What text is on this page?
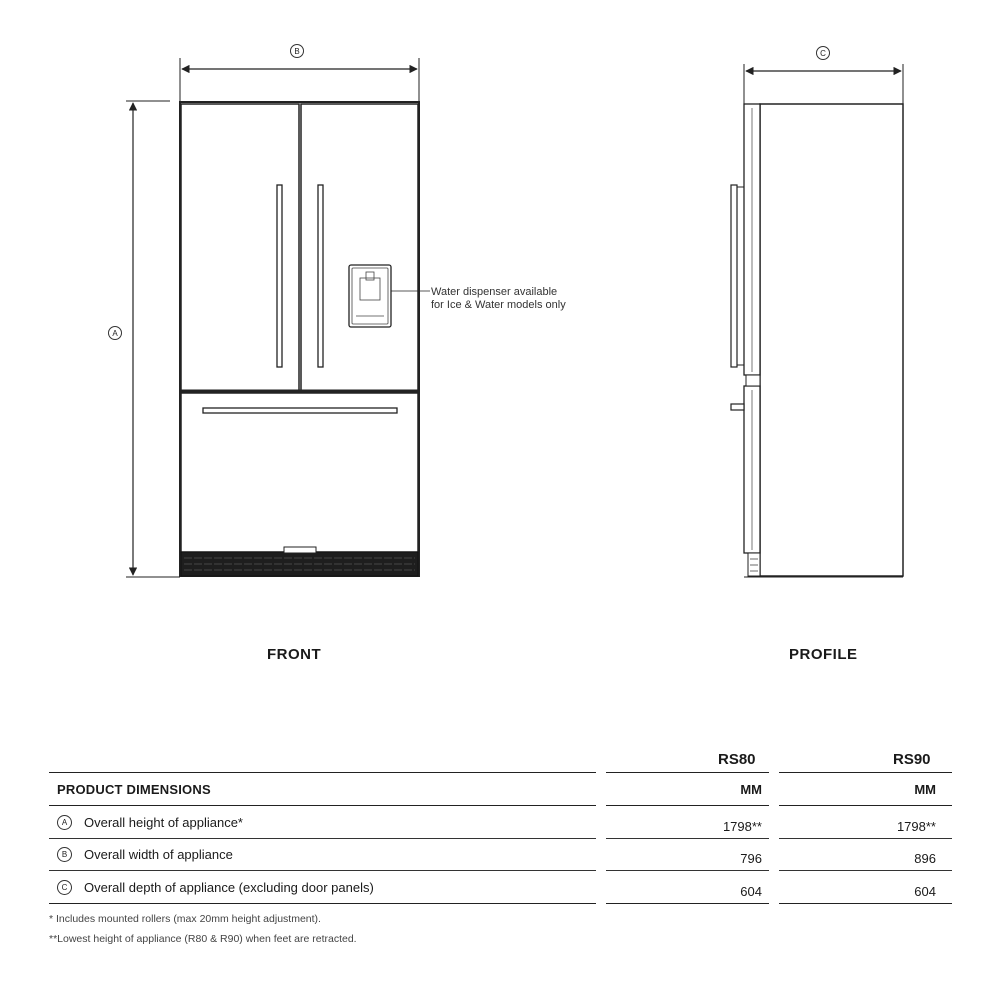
B
A
C
FRONT	PROFILE
Water dispenser available
for Ice & Water models only
RS80	RS90
PRODUCT DIMENSIONS	MM	MM
A	Overall height of appliance*	1798**	1798**
B	Overall width of appliance	796	896
C	Overall depth of appliance (excluding door panels)	604	604
* Includes mounted rollers (max 20mm height adjustment).
**Lowest height of appliance (R80 & R90) when feet are retracted.
